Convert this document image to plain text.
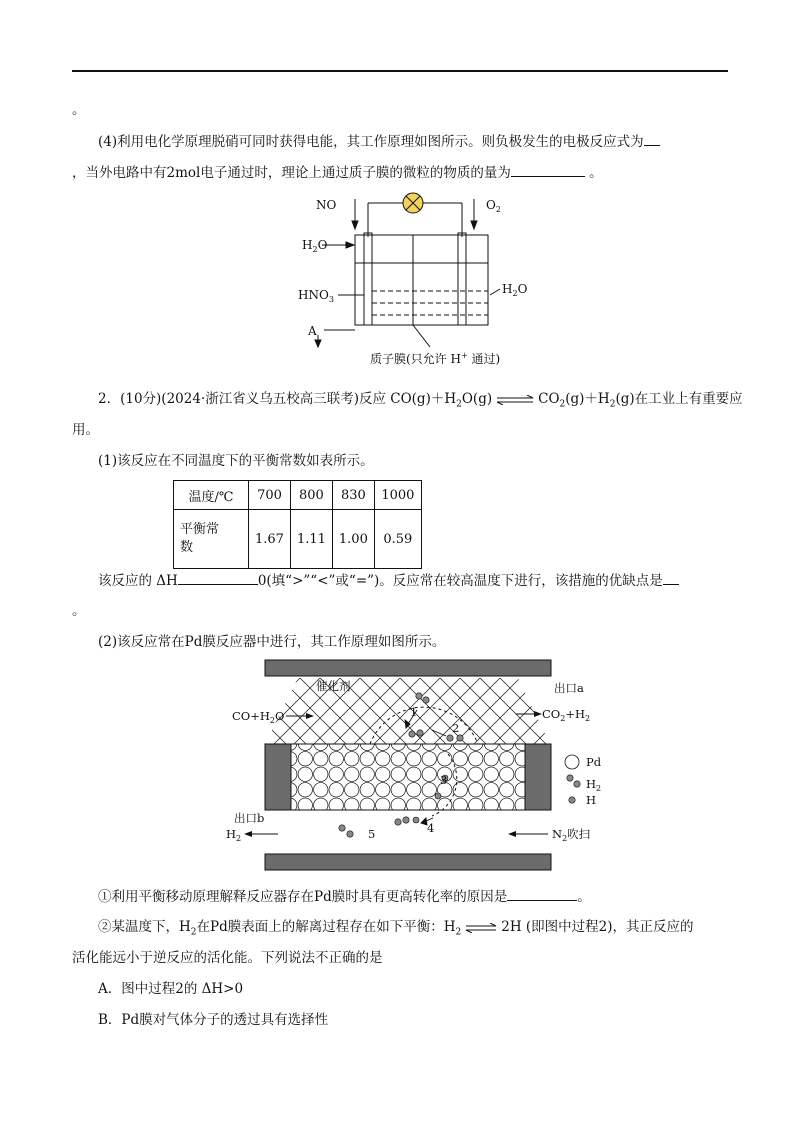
。
(4)利用电化学原理脱硝可同时获得电能，其工作原理如图所示。则负极发生的电极反应式为
，当外电路中有2mol电子通过时，理论上通过质子膜的微粒的物质的量为	。
NO	$O_2$
$H_2O$
$HNO_3$
$H_2O$
A
质子膜(只允许 H+ 通过)
2．(10分)(2024·浙江省义乌五校高三联考)反应 $CO(g)+H_2O(g)$ ⇌ $CO_2(g)+H_2(g)$在工业上有重要应
用。
(1)该反应在不同温度下的平衡常数如表所示。
温度/℃	700	800	830	1000
平衡常
数	1.67	1.11	1.00	0.59
该反应的 ΔH	0(填“>”“<”或“=”)。反应常在较高温度下进行，该措施的优缺点是
。
(2)该反应常在Pd膜反应器中进行，其工作原理如图所示。
催化剂	出口a
$CO+H_2O$	$CO_2+H_2$
Pd
$H_2$
H
出口b
$H_2$	$N_2$吹扫
1
2
3
4
5
①利用平衡移动原理解释反应器存在Pd膜时具有更高转化率的原因是	。
②某温度下，$H_2$在Pd膜表面上的解离过程存在如下平衡：$H_2$ ⇌ 2H (即图中过程2)，其正反应的
活化能远小于逆反应的活化能。下列说法不正确的是
A．图中过程2的 ΔH>0
B．Pd膜对气体分子的透过具有选择性
